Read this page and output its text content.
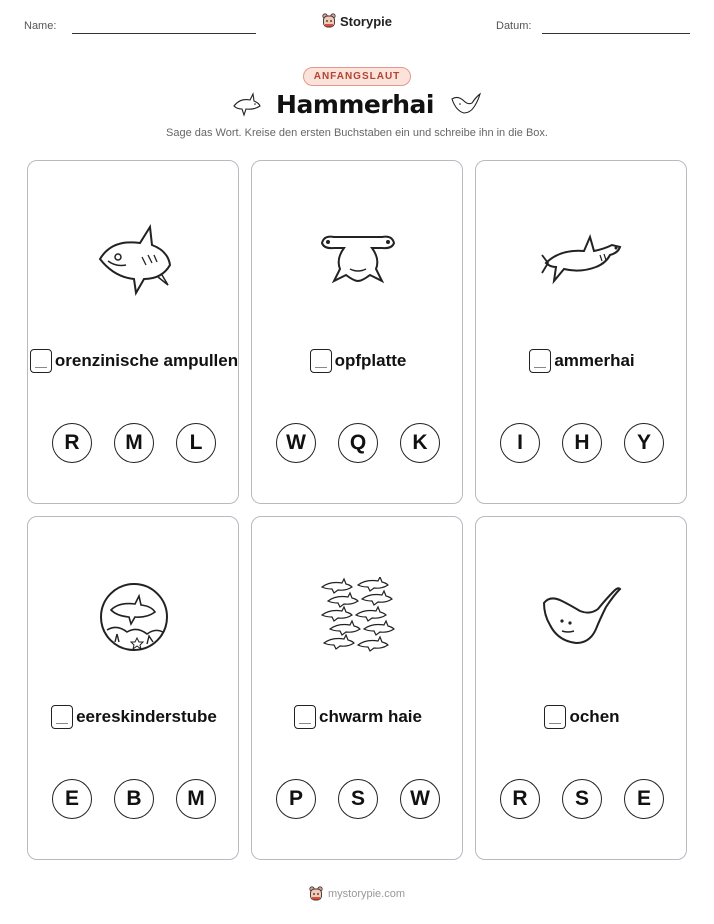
Name:	Datum:
Storypie
ANFANGSLAUT
Hammerhai
Sage das Wort. Kreise den ersten Buchstaben ein und schreibe ihn in die Box.
orenzinische ampullen
R	M	L
opfplatte
W	Q	K
ammerhai
I	H	Y
eereskinderstube
E	B	M
chwarm haie
P	S	W
ochen
R	S	E
mystorypie.com
